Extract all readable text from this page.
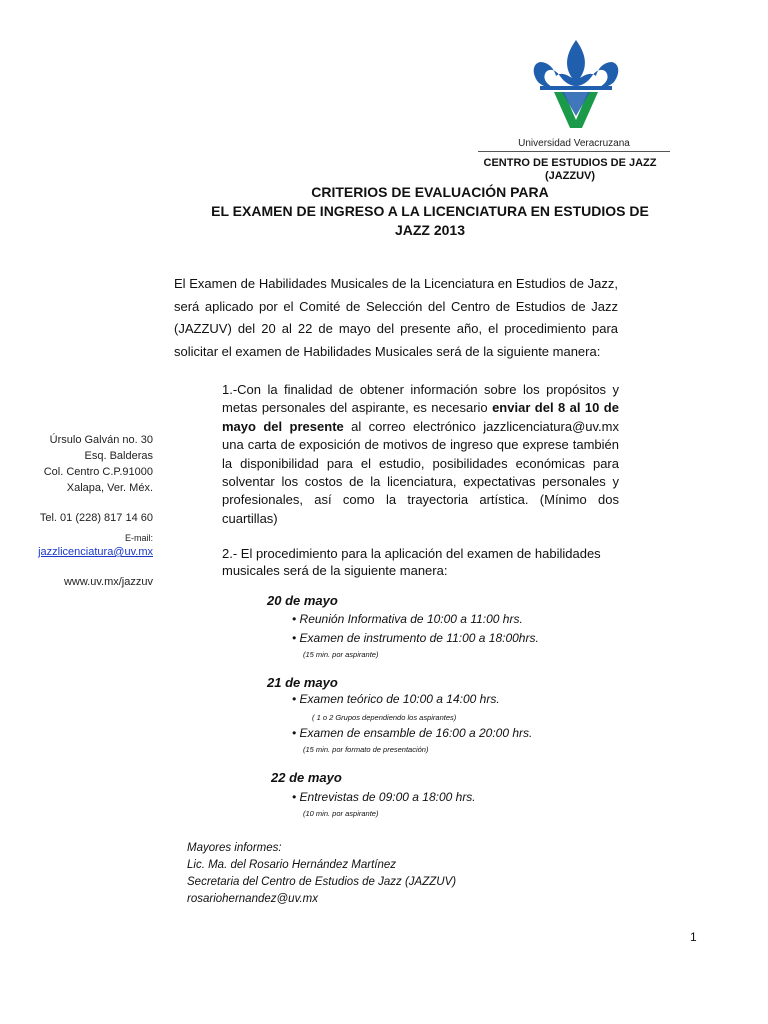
Universidad Veracruzana
CENTRO DE ESTUDIOS DE JAZZ
(JAZZUV)
CRITERIOS DE EVALUACIÓN PARA
EL EXAMEN DE INGRESO A LA LICENCIATURA EN ESTUDIOS DE
JAZZ 2013

El Examen de Habilidades Musicales de la Licenciatura en Estudios de Jazz, será aplicado por el Comité de Selección del Centro de Estudios de Jazz (JAZZUV) del 20 al 22 de mayo del presente año, el procedimiento para solicitar el examen de Habilidades Musicales será de la siguiente manera:

1.-Con la finalidad de obtener información sobre los propósitos y metas personales del aspirante, es necesario enviar del 8 al 10 de mayo del presente al correo electrónico jazzlicenciatura@uv.mx una carta de exposición de motivos de ingreso que exprese también la disponibilidad para el estudio, posibilidades económicas para solventar los costos de la licenciatura, expectativas personales y profesionales, así como la trayectoria artística. (Mínimo dos cuartillas)

Úrsulo Galván no. 30
Esq. Balderas
Col. Centro C.P.91000
Xalapa, Ver. Méx.
Tel. 01 (228) 817 14 60
E-mail:
jazzlicenciatura@uv.mx
www.uv.mx/jazzuv

2.- El procedimiento para la aplicación del examen de habilidades musicales será de la siguiente manera:

20 de mayo
• Reunión Informativa de 10:00 a 11:00 hrs.
• Examen de instrumento de 11:00 a 18:00hrs.
(15 min. por aspirante)
21 de mayo
• Examen teórico de 10:00 a 14:00 hrs.
( 1 o 2 Grupos dependiendo los aspirantes)
• Examen de ensamble de 16:00 a 20:00 hrs.
(15 min. por formato de presentación)
22 de mayo
• Entrevistas de 09:00 a 18:00 hrs.
(10 min. por aspirante)
Mayores informes:
Lic. Ma. del Rosario Hernández Martínez
Secretaria del Centro de Estudios de Jazz (JAZZUV)
rosariohernandez@uv.mx
1
